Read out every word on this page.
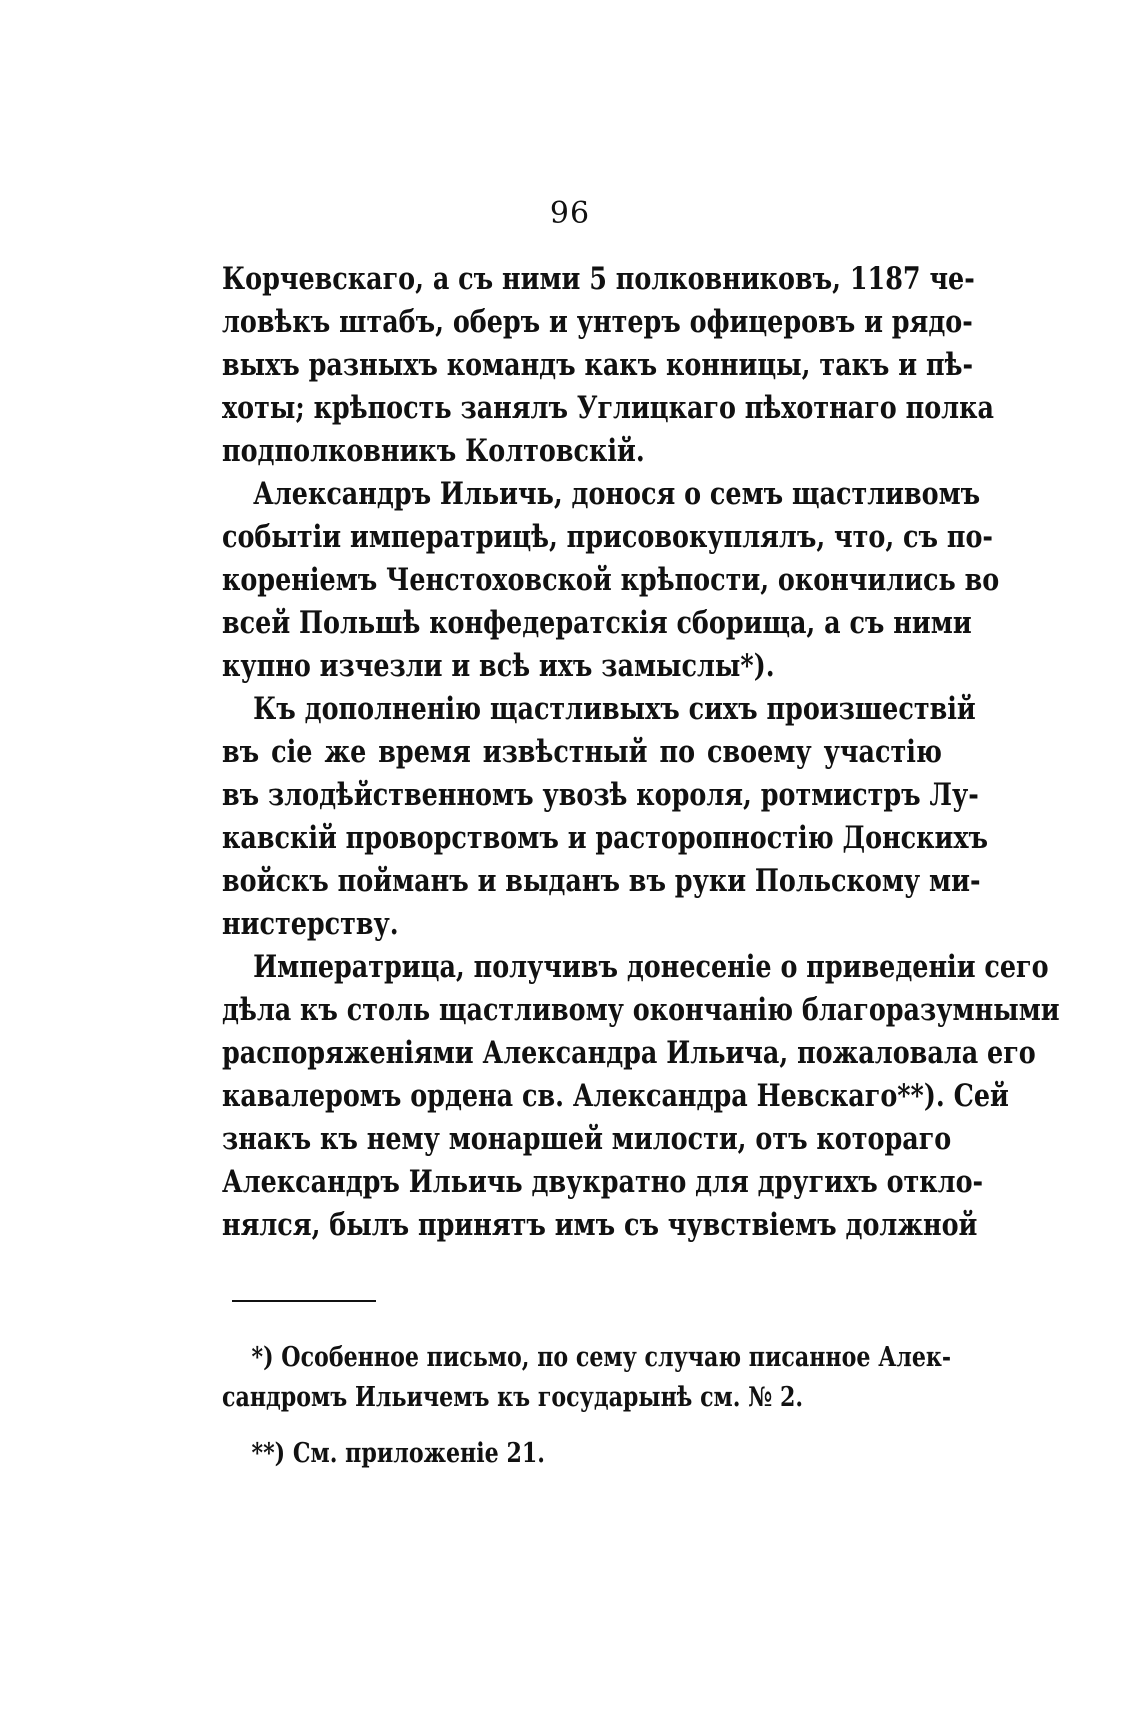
96
Корчевскаго, а съ ними 5 полковниковъ, 1187 че-
ловѣкъ штабъ, оберъ и унтеръ офицеровъ и рядо-
выхъ разныхъ командъ какъ конницы, такъ и пѣ-
хоты; крѣпость занялъ Углицкаго пѣхотнаго полка
подполковникъ Колтовскій.
Александръ Ильичь, донося о семъ щастливомъ
событіи императрицѣ, присовокуплялъ, что, съ по-
кореніемъ Ченстоховской крѣпости, окончились во
всей Польшѣ конфедератскія сборища, а съ ними
купно изчезли и всѣ ихъ замыслы*).
Къ дополненію щастливыхъ сихъ произшествій
въ сіе же время извѣстный по своему участію
въ злодѣйственномъ увозѣ короля, ротмистръ Лу-
кавскій проворствомъ и расторопностію Донскихъ
войскъ пойманъ и выданъ въ руки Польскому ми-
нистерству.
Императрица, получивъ донесеніе о приведеніи сего
дѣла къ столь щастливому окончанію благоразумными
распоряженіями Александра Ильича, пожаловала его
кавалеромъ ордена св. Александра Невскаго**). Сей
знакъ къ нему монаршей милости, отъ котораго
Александръ Ильичь двукратно для другихъ откло-
нялся, былъ принятъ имъ съ чувствіемъ должной
*) Особенное письмо, по сему случаю писанное Алек-
сандромъ Ильичемъ къ государынѣ см. № 2.
**) См. приложеніе 21.
